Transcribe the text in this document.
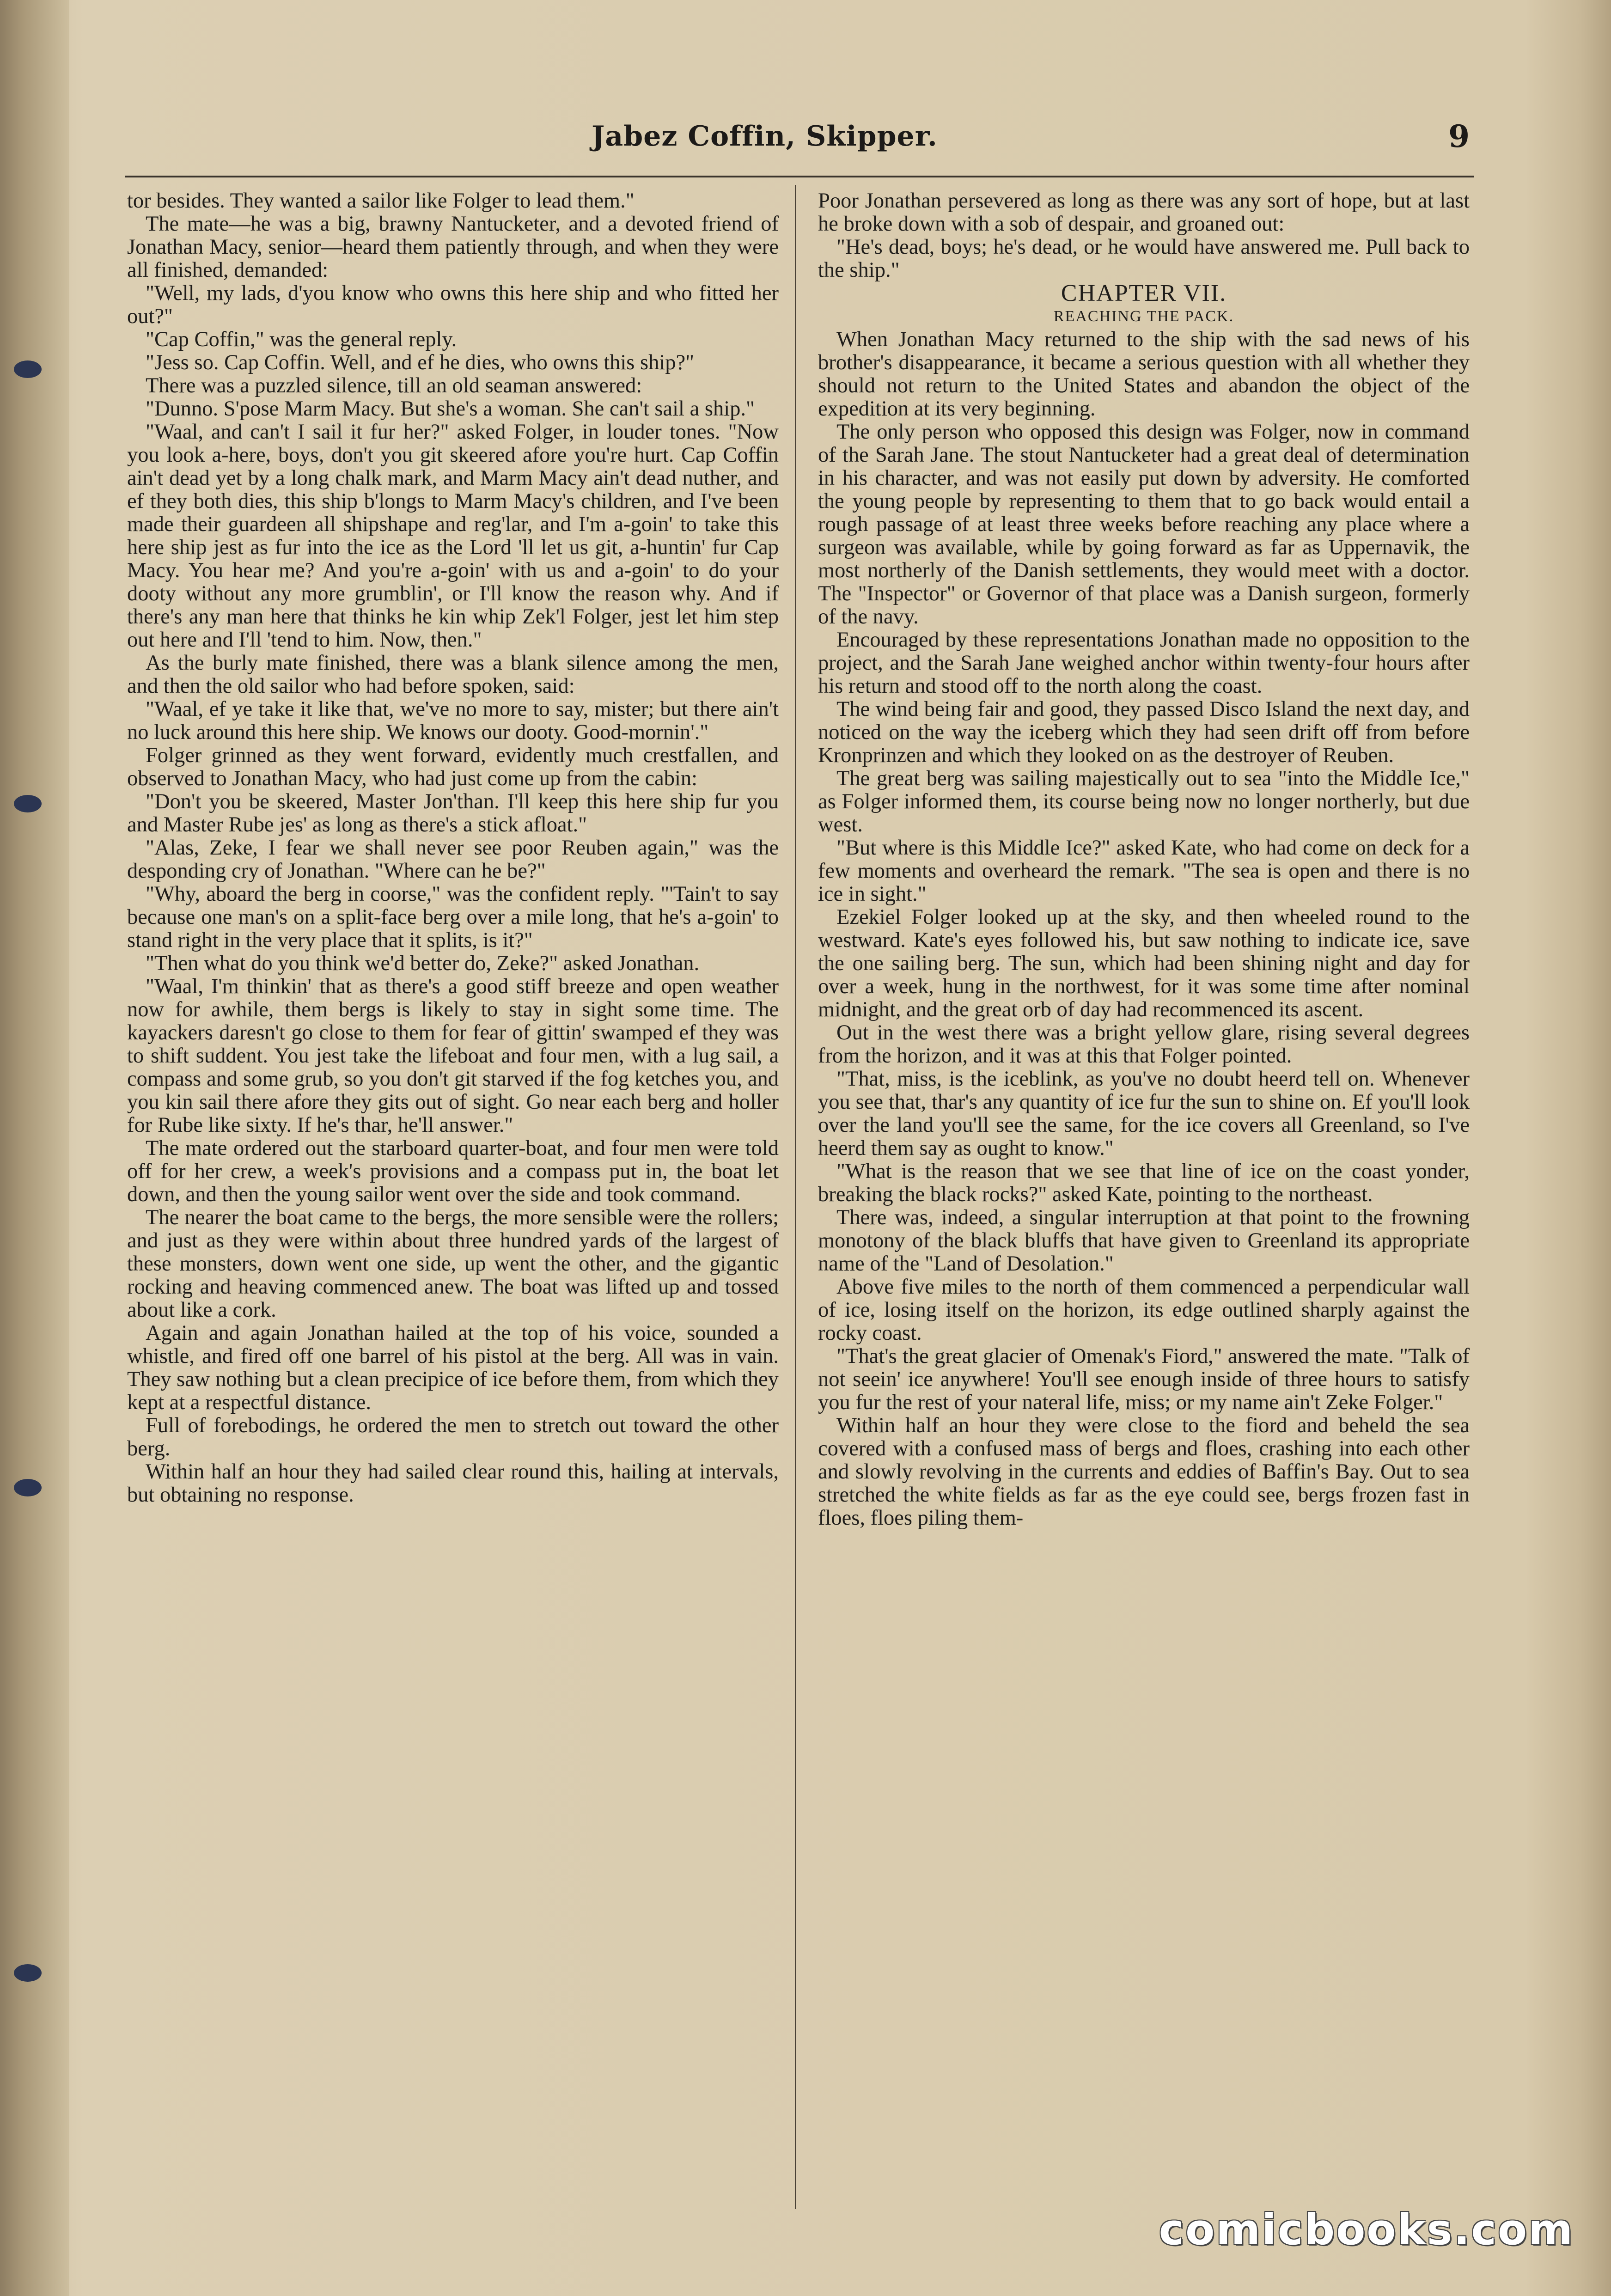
Jabez Coffin, Skipper.	9

tor besides. They wanted a sailor like Folger to lead them."

The mate—he was a big, brawny Nantucketer, and a devoted friend of Jonathan Macy, senior—heard them patiently through, and when they were all finished, demanded:

"Well, my lads, d'you know who owns this here ship and who fitted her out?"

"Cap Coffin," was the general reply.

"Jess so. Cap Coffin. Well, and ef he dies, who owns this ship?"

There was a puzzled silence, till an old seaman answered:

"Dunno. S'pose Marm Macy. But she's a woman. She can't sail a ship."

"Waal, and can't I sail it fur her?" asked Folger, in louder tones. "Now you look a-here, boys, don't you git skeered afore you're hurt. Cap Coffin ain't dead yet by a long chalk mark, and Marm Macy ain't dead nuther, and ef they both dies, this ship b'longs to Marm Macy's children, and I've been made their guardeen all shipshape and reg'lar, and I'm a-goin' to take this here ship jest as fur into the ice as the Lord 'll let us git, a-huntin' fur Cap Macy. You hear me? And you're a-goin' with us and a-goin' to do your dooty without any more grumblin', or I'll know the reason why. And if there's any man here that thinks he kin whip Zek'l Folger, jest let him step out here and I'll 'tend to him. Now, then."

As the burly mate finished, there was a blank silence among the men, and then the old sailor who had before spoken, said:

"Waal, ef ye take it like that, we've no more to say, mister; but there ain't no luck around this here ship. We knows our dooty. Good-mornin'."

Folger grinned as they went forward, evidently much crestfallen, and observed to Jonathan Macy, who had just come up from the cabin:

"Don't you be skeered, Master Jon'than. I'll keep this here ship fur you and Master Rube jes' as long as there's a stick afloat."

"Alas, Zeke, I fear we shall never see poor Reuben again," was the desponding cry of Jonathan. "Where can he be?"

"Why, aboard the berg in coorse," was the confident reply. "'Tain't to say because one man's on a split-face berg over a mile long, that he's a-goin' to stand right in the very place that it splits, is it?"

"Then what do you think we'd better do, Zeke?" asked Jonathan.

"Waal, I'm thinkin' that as there's a good stiff breeze and open weather now for awhile, them bergs is likely to stay in sight some time. The kayackers daresn't go close to them for fear of gittin' swamped ef they was to shift suddent. You jest take the lifeboat and four men, with a lug sail, a compass and some grub, so you don't git starved if the fog ketches you, and you kin sail there afore they gits out of sight. Go near each berg and holler for Rube like sixty. If he's thar, he'll answer."

The mate ordered out the starboard quarter-boat, and four men were told off for her crew, a week's provisions and a compass put in, the boat let down, and then the young sailor went over the side and took command.

The nearer the boat came to the bergs, the more sensible were the rollers; and just as they were within about three hundred yards of the largest of these monsters, down went one side, up went the other, and the gigantic rocking and heaving commenced anew. The boat was lifted up and tossed about like a cork.

Again and again Jonathan hailed at the top of his voice, sounded a whistle, and fired off one barrel of his pistol at the berg. All was in vain. They saw nothing but a clean precipice of ice before them, from which they kept at a respectful distance.

Full of forebodings, he ordered the men to stretch out toward the other berg.

Within half an hour they had sailed clear round this, hailing at intervals, but obtaining no response.

Poor Jonathan persevered as long as there was any sort of hope, but at last he broke down with a sob of despair, and groaned out:

"He's dead, boys; he's dead, or he would have answered me. Pull back to the ship."

CHAPTER VII.

REACHING THE PACK.

When Jonathan Macy returned to the ship with the sad news of his brother's disappearance, it became a serious question with all whether they should not return to the United States and abandon the object of the expedition at its very beginning.

The only person who opposed this design was Folger, now in command of the Sarah Jane. The stout Nantucketer had a great deal of determination in his character, and was not easily put down by adversity. He comforted the young people by representing to them that to go back would entail a rough passage of at least three weeks before reaching any place where a surgeon was available, while by going forward as far as Uppernavik, the most northerly of the Danish settlements, they would meet with a doctor. The "Inspector" or Governor of that place was a Danish surgeon, formerly of the navy.

Encouraged by these representations Jonathan made no opposition to the project, and the Sarah Jane weighed anchor within twenty-four hours after his return and stood off to the north along the coast.

The wind being fair and good, they passed Disco Island the next day, and noticed on the way the iceberg which they had seen drift off from before Kronprinzen and which they looked on as the destroyer of Reuben.

The great berg was sailing majestically out to sea "into the Middle Ice," as Folger informed them, its course being now no longer northerly, but due west.

"But where is this Middle Ice?" asked Kate, who had come on deck for a few moments and overheard the remark. "The sea is open and there is no ice in sight."

Ezekiel Folger looked up at the sky, and then wheeled round to the westward. Kate's eyes followed his, but saw nothing to indicate ice, save the one sailing berg. The sun, which had been shining night and day for over a week, hung in the northwest, for it was some time after nominal midnight, and the great orb of day had recommenced its ascent.

Out in the west there was a bright yellow glare, rising several degrees from the horizon, and it was at this that Folger pointed.

"That, miss, is the iceblink, as you've no doubt heerd tell on. Whenever you see that, thar's any quantity of ice fur the sun to shine on. Ef you'll look over the land you'll see the same, for the ice covers all Greenland, so I've heerd them say as ought to know."

"What is the reason that we see that line of ice on the coast yonder, breaking the black rocks?" asked Kate, pointing to the northeast.

There was, indeed, a singular interruption at that point to the frowning monotony of the black bluffs that have given to Greenland its appropriate name of the "Land of Desolation."

Above five miles to the north of them commenced a perpendicular wall of ice, losing itself on the horizon, its edge outlined sharply against the rocky coast.

"That's the great glacier of Omenak's Fiord," answered the mate. "Talk of not seein' ice anywhere! You'll see enough inside of three hours to satisfy you fur the rest of your nateral life, miss; or my name ain't Zeke Folger."

Within half an hour they were close to the fiord and beheld the sea covered with a confused mass of bergs and floes, crashing into each other and slowly revolving in the currents and eddies of Baffin's Bay. Out to sea stretched the white fields as far as the eye could see, bergs frozen fast in floes, floes piling them-

comicbooks.com
